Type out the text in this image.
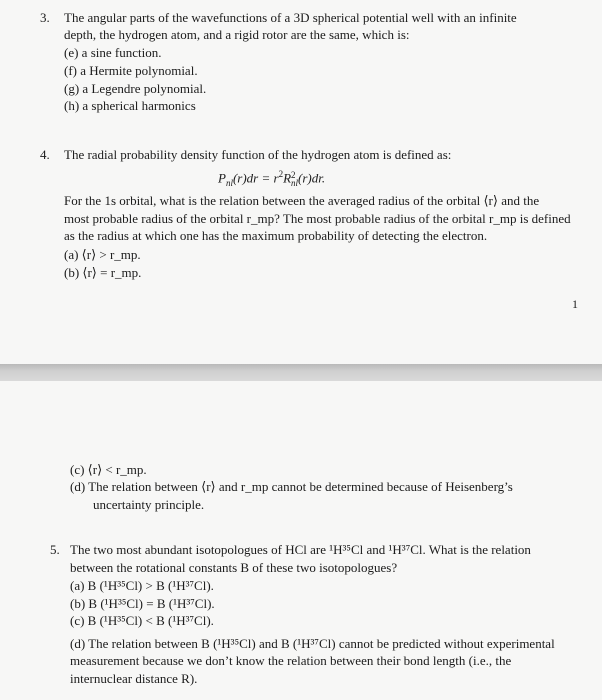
3. The angular parts of the wavefunctions of a 3D spherical potential well with an infinite
depth, the hydrogen atom, and a rigid rotor are the same, which is:
(e) a sine function.
(f) a Hermite polynomial.
(g) a Legendre polynomial.
(h) a spherical harmonics
4. The radial probability density function of the hydrogen atom is defined as:
$P_{nl}(r)dr = r^2R$ 2
nl (r)dr.
For the 1s orbital, what is the relation between the averaged radius of the orbital ⟨r⟩ and the
most probable radius of the orbital r_mp? The most probable radius of the orbital r_mp is defined
as the radius at which one has the maximum probability of detecting the electron.
(a) ⟨r⟩ > r_mp.
(b) ⟨r⟩ = r_mp.
1
(c) ⟨r⟩ < r_mp.
(d) The relation between ⟨r⟩ and r_mp cannot be determined because of Heisenberg’s
uncertainty principle.
5. The two most abundant isotopologues of HCl are ¹H³⁵Cl and ¹H³⁷Cl. What is the relation
between the rotational constants B of these two isotopologues?
(a) B (¹H³⁵Cl) > B (¹H³⁷Cl).
(b) B (¹H³⁵Cl) = B (¹H³⁷Cl).
(c) B (¹H³⁵Cl) < B (¹H³⁷Cl).
(d) The relation between B (¹H³⁵Cl) and B (¹H³⁷Cl) cannot be predicted without experimental
measurement because we don’t know the relation between their bond length (i.e., the
internuclear distance R).
